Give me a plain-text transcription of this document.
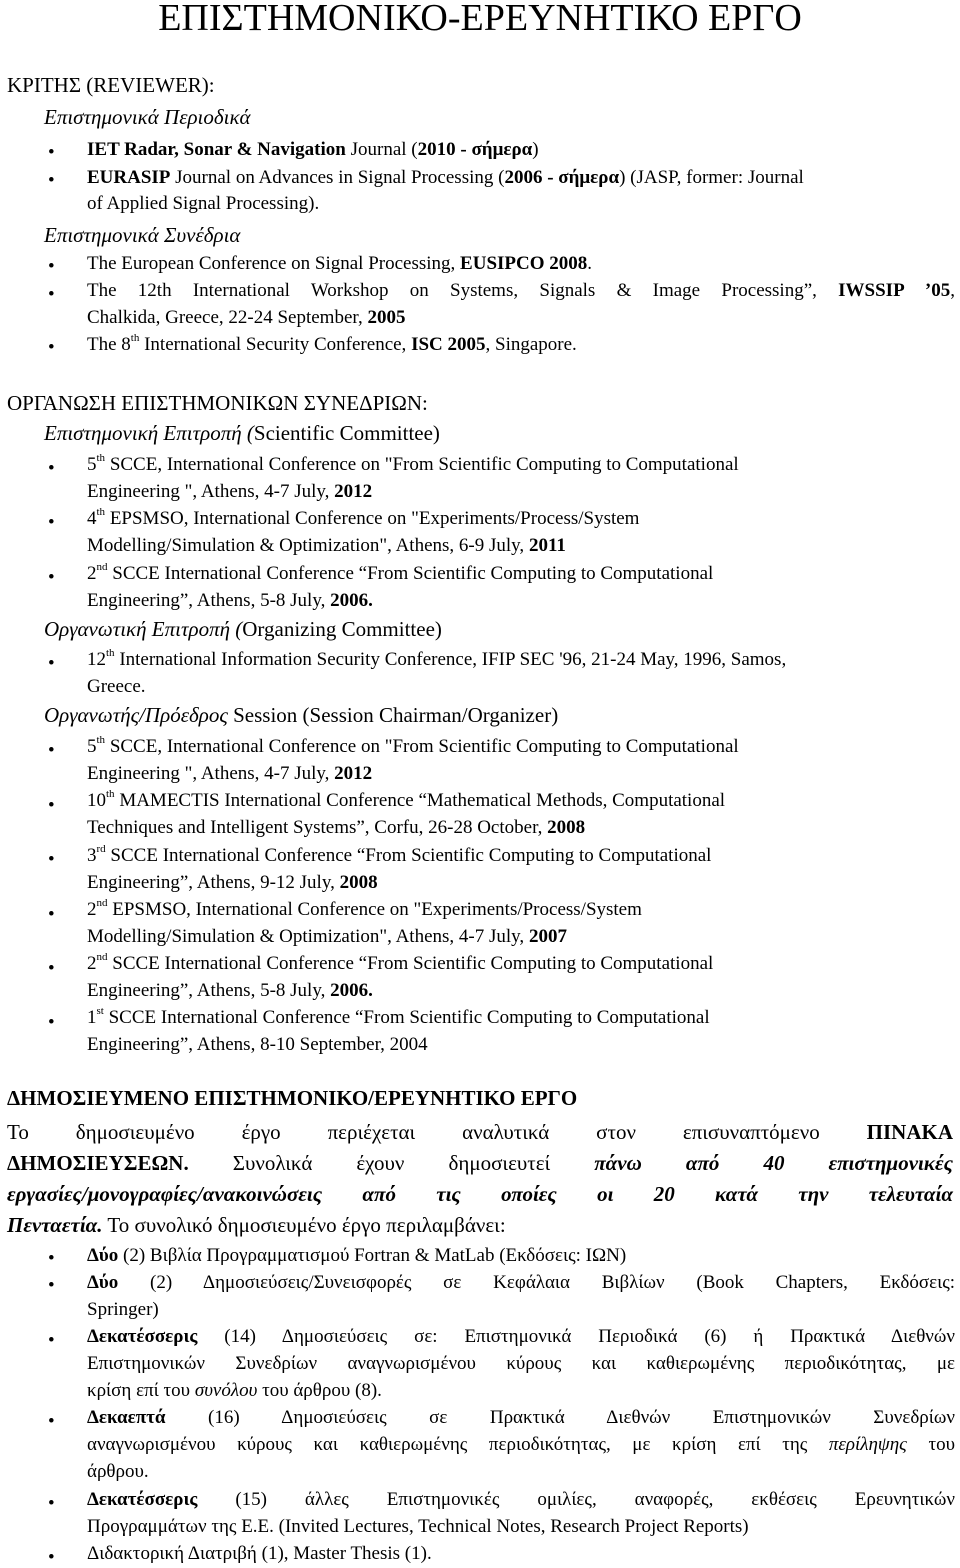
ΕΠΙΣΤΗΜΟΝΙΚΟ-ΕΡΕΥΝΗΤΙΚΟ ΕΡΓΟ
ΚΡΙΤΗΣ (REVIEWER):
Επιστημονικά Περιοδικά
• IET Radar, Sonar & Navigation Journal (2010 - σήμερα)
• EURASIP Journal on Advances in Signal Processing (2006 - σήμερα) (JASP, former: Journal
of Applied Signal Processing).
Επιστημονικά Συνέδρια
• The European Conference on Signal Processing, EUSIPCO 2008.
• The 12th International Workshop on Systems, Signals & Image Processing”, IWSSIP ’05,
Chalkida, Greece, 22-24 September, 2005
• The 8th International Security Conference, ISC 2005, Singapore.
ΟΡΓΑΝΩΣΗ ΕΠΙΣΤΗΜΟΝΙΚΩΝ ΣΥΝΕΔΡΙΩΝ:
Επιστημονική Επιτροπή (Scientific Committee)
• 5th SCCE, International Conference on "From Scientific Computing to Computational
Engineering ", Athens, 4-7 July, 2012
• 4th EPSMSO, International Conference on "Experiments/Process/System
Modelling/Simulation & Optimization", Athens, 6-9 July, 2011
• 2nd SCCE International Conference “From Scientific Computing to Computational
Engineering”, Athens, 5-8 July, 2006.
Οργανωτική Επιτροπή (Organizing Committee)
• 12th International Information Security Conference, IFIP SEC '96, 21-24 May, 1996, Samos,
Greece.
Οργανωτής/Πρόεδρος Session (Session Chairman/Organizer)
• 5th SCCE, International Conference on "From Scientific Computing to Computational
Engineering ", Athens, 4-7 July, 2012
• 10th MAMECTIS International Conference “Mathematical Methods, Computational
Techniques and Intelligent Systems”, Corfu, 26-28 October, 2008
• 3rd SCCE International Conference “From Scientific Computing to Computational
Engineering”, Athens, 9-12 July, 2008
• 2nd EPSMSO, International Conference on "Experiments/Process/System
Modelling/Simulation & Optimization", Athens, 4-7 July, 2007
• 2nd SCCE International Conference “From Scientific Computing to Computational
Engineering”, Athens, 5-8 July, 2006.
• 1st SCCE International Conference “From Scientific Computing to Computational
Engineering”, Athens, 8-10 September, 2004
ΔΗΜΟΣΙΕΥΜΕΝΟ ΕΠΙΣΤΗΜΟΝΙΚΟ/ΕΡΕΥΝΗΤΙΚΟ ΕΡΓΟ
Το δημοσιευμένο έργο περιέχεται αναλυτικά στον επισυναπτόμενο ΠΙΝΑΚΑ
ΔΗΜΟΣΙΕΥΣΕΩΝ. Συνολικά έχουν δημοσιευτεί πάνω από 40 επιστημονικές
εργασίες/μονογραφίες/ανακοινώσεις από τις οποίες οι 20 κατά την τελευταία
Πενταετία. Το συνολικό δημοσιευμένο έργο περιλαμβάνει:
• Δύο (2) Βιβλία Προγραμματισμού Fortran & MatLab (Εκδόσεις: ΙΩΝ)
• Δύο (2) Δημοσιεύσεις/Συνεισφορές σε Κεφάλαια Βιβλίων (Book Chapters, Εκδόσεις:
Springer)
• Δεκατέσσερις (14) Δημοσιεύσεις σε: Επιστημονικά Περιοδικά (6) ή Πρακτικά Διεθνών
Επιστημονικών Συνεδρίων αναγνωρισμένου κύρους και καθιερωμένης περιοδικότητας, με
κρίση επί του συνόλου του άρθρου (8).
• Δεκαεπτά (16) Δημοσιεύσεις σε Πρακτικά Διεθνών Επιστημονικών Συνεδρίων
αναγνωρισμένου κύρους και καθιερωμένης περιοδικότητας, με κρίση επί της περίληψης του
άρθρου.
• Δεκατέσσερις (15) άλλες Επιστημονικές ομιλίες, αναφορές, εκθέσεις Ερευνητικών
Προγραμμάτων της Ε.Ε. (Invited Lectures, Technical Notes, Research Project Reports)
• Διδακτορική Διατριβή (1), Master Thesis (1).
